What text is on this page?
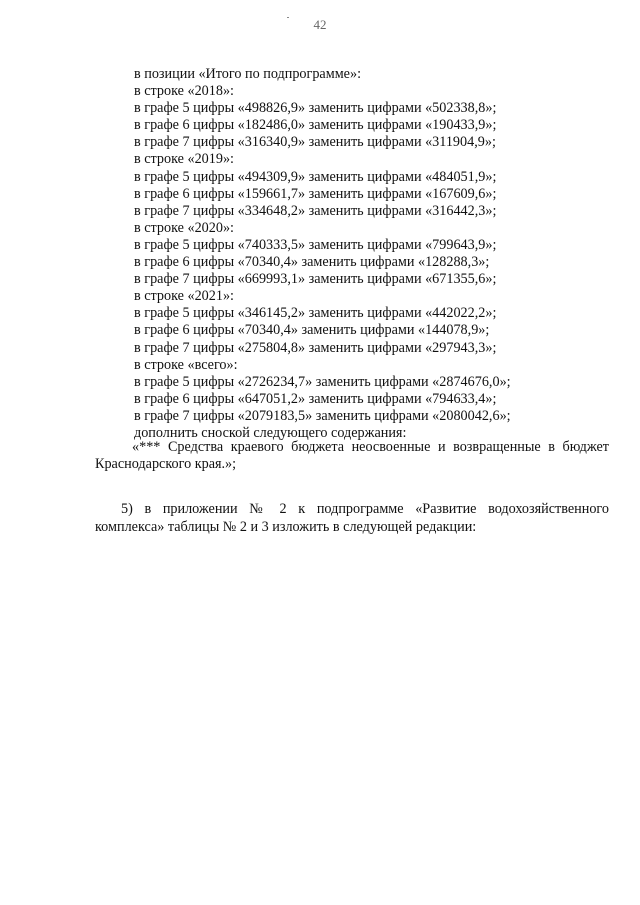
42
в позиции «Итого по подпрограмме»:
в строке «2018»:
в графе 5 цифры «498826,9» заменить цифрами «502338,8»;
в графе 6 цифры «182486,0» заменить цифрами «190433,9»;
в графе 7 цифры «316340,9» заменить цифрами «311904,9»;
в строке «2019»:
в графе 5 цифры «494309,9» заменить цифрами «484051,9»;
в графе 6 цифры «159661,7» заменить цифрами «167609,6»;
в графе 7 цифры «334648,2» заменить цифрами «316442,3»;
в строке «2020»:
в графе 5 цифры «740333,5» заменить цифрами «799643,9»;
в графе 6 цифры «70340,4» заменить цифрами «128288,3»;
в графе 7 цифры «669993,1» заменить цифрами «671355,6»;
в строке «2021»:
в графе 5 цифры «346145,2» заменить цифрами «442022,2»;
в графе 6 цифры «70340,4» заменить цифрами «144078,9»;
в графе 7 цифры «275804,8» заменить цифрами «297943,3»;
в строке «всего»:
в графе 5 цифры «2726234,7» заменить цифрами «2874676,0»;
в графе 6 цифры «647051,2» заменить цифрами «794633,4»;
в графе 7 цифры «2079183,5» заменить цифрами «2080042,6»;
дополнить сноской следующего содержания:
«*** Средства краевого бюджета неосвоенные и возвращенные в бюджет
Краснодарского края.»;
5) в приложении № 2 к подпрограмме «Развитие водохозяйственного
комплекса» таблицы № 2 и 3 изложить в следующей редакции:
